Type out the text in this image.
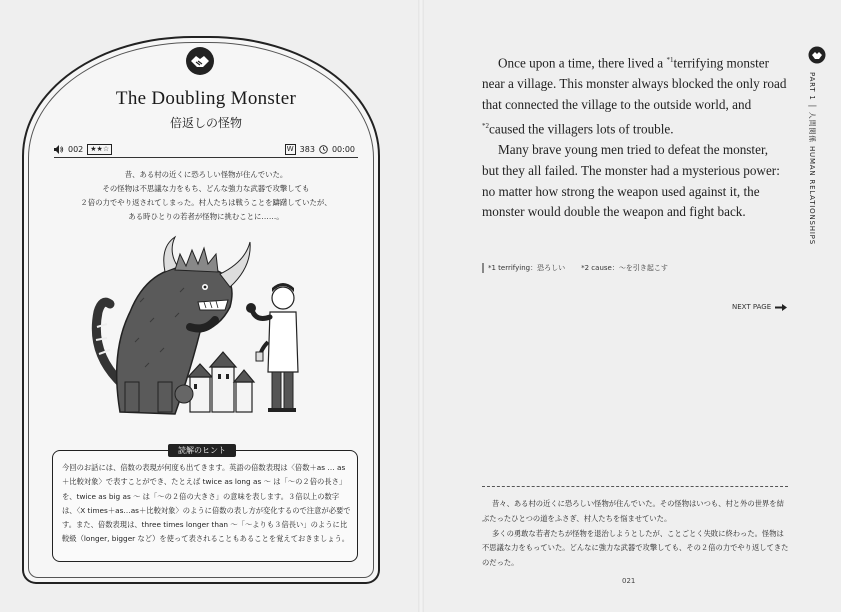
The Doubling Monster
倍返しの怪物
002	★★☆	W 383 00:00
昔、ある村の近くに恐ろしい怪物が住んでいた。
その怪物は不思議な力をもち、どんな強力な武器で攻撃しても
２倍の力でやり返されてしまった。村人たちは戦うことを躊躇していたが、
ある時ひとりの若者が怪物に挑むことに……。
読解のヒント
今回のお話には、倍数の表現が何度も出てきます。英語の倍数表現は〈倍数＋as … as＋比較対象〉で表すことができ、たとえば twice as long as ～ は「～の２倍の長さ」を、twice as big as ～ は「～の２倍の大きさ」の意味を表します。３倍以上の数字は、〈X times＋as…as＋比較対象〉のように倍数の表し方が変化するので注意が必要です。また、倍数表現は、three times longer than ～「～よりも３倍長い」のように比較級（longer, bigger など）を使って表されることもあることを覚えておきましょう。

Once upon a time, there lived a $^{*1}$terrifying monster near a village. This monster always blocked the only road that connected the village to the outside world, and $^{*2}$caused the villagers lots of trouble.

Many brave young men tried to defeat the monster, but they all failed. The monster had a mysterious power: no matter how strong the weapon used against it, the monster would double the weapon and fight back.

*1 terrifying：恐ろしい *2 cause：～を引き起こす
NEXT PAGE
PART 1 │ 人間関係 HUMAN RELATIONSHIPS

昔々、ある村の近くに恐ろしい怪物が住んでいた。その怪物はいつも、村と外の世界を結ぶたったひとつの道をふさぎ、村人たちを悩ませていた。

多くの勇敢な若者たちが怪物を退治しようとしたが、ことごとく失敗に終わった。怪物は不思議な力をもっていた。どんなに強力な武器で攻撃しても、その２倍の力でやり返してきたのだった。

021
